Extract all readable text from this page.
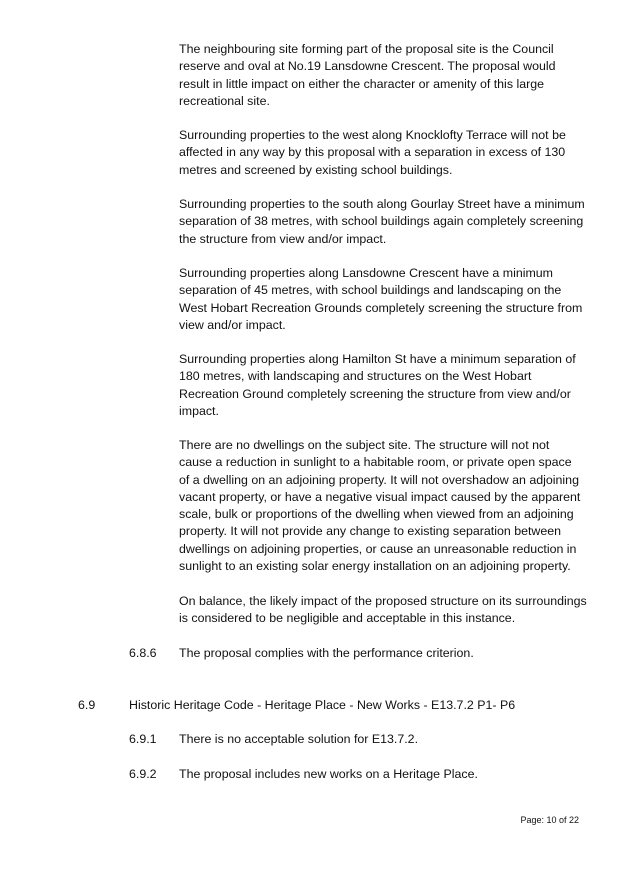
The neighbouring site forming part of the proposal site is the Council
reserve and oval at No.19 Lansdowne Crescent. The proposal would
result in little impact on either the character or amenity of this large
recreational site.
Surrounding properties to the west along Knocklofty Terrace will not be
affected in any way by this proposal with a separation in excess of 130
metres and screened by existing school buildings.
Surrounding properties to the south along Gourlay Street have a minimum
separation of 38 metres, with school buildings again completely screening
the structure from view and/or impact.
Surrounding properties along Lansdowne Crescent have a minimum
separation of 45 metres, with school buildings and landscaping on the
West Hobart Recreation Grounds completely screening the structure from
view and/or impact.
Surrounding properties along Hamilton St have a minimum separation of
180 metres, with landscaping and structures on the West Hobart
Recreation Ground completely screening the structure from view and/or
impact.
There are no dwellings on the subject site. The structure will not not
cause a reduction in sunlight to a habitable room, or private open space
of a dwelling on an adjoining property. It will not overshadow an adjoining
vacant property, or have a negative visual impact caused by the apparent
scale, bulk or proportions of the dwelling when viewed from an adjoining
property. It will not provide any change to existing separation between
dwellings on adjoining properties, or cause an unreasonable reduction in
sunlight to an existing solar energy installation on an adjoining property.
On balance, the likely impact of the proposed structure on its surroundings
is considered to be negligible and acceptable in this instance.
6.8.6 The proposal complies with the performance criterion.
6.9	Historic Heritage Code - Heritage Place - New Works - E13.7.2 P1- P6
6.9.1 There is no acceptable solution for E13.7.2.
6.9.2 The proposal includes new works on a Heritage Place.
Page: 10 of 22
